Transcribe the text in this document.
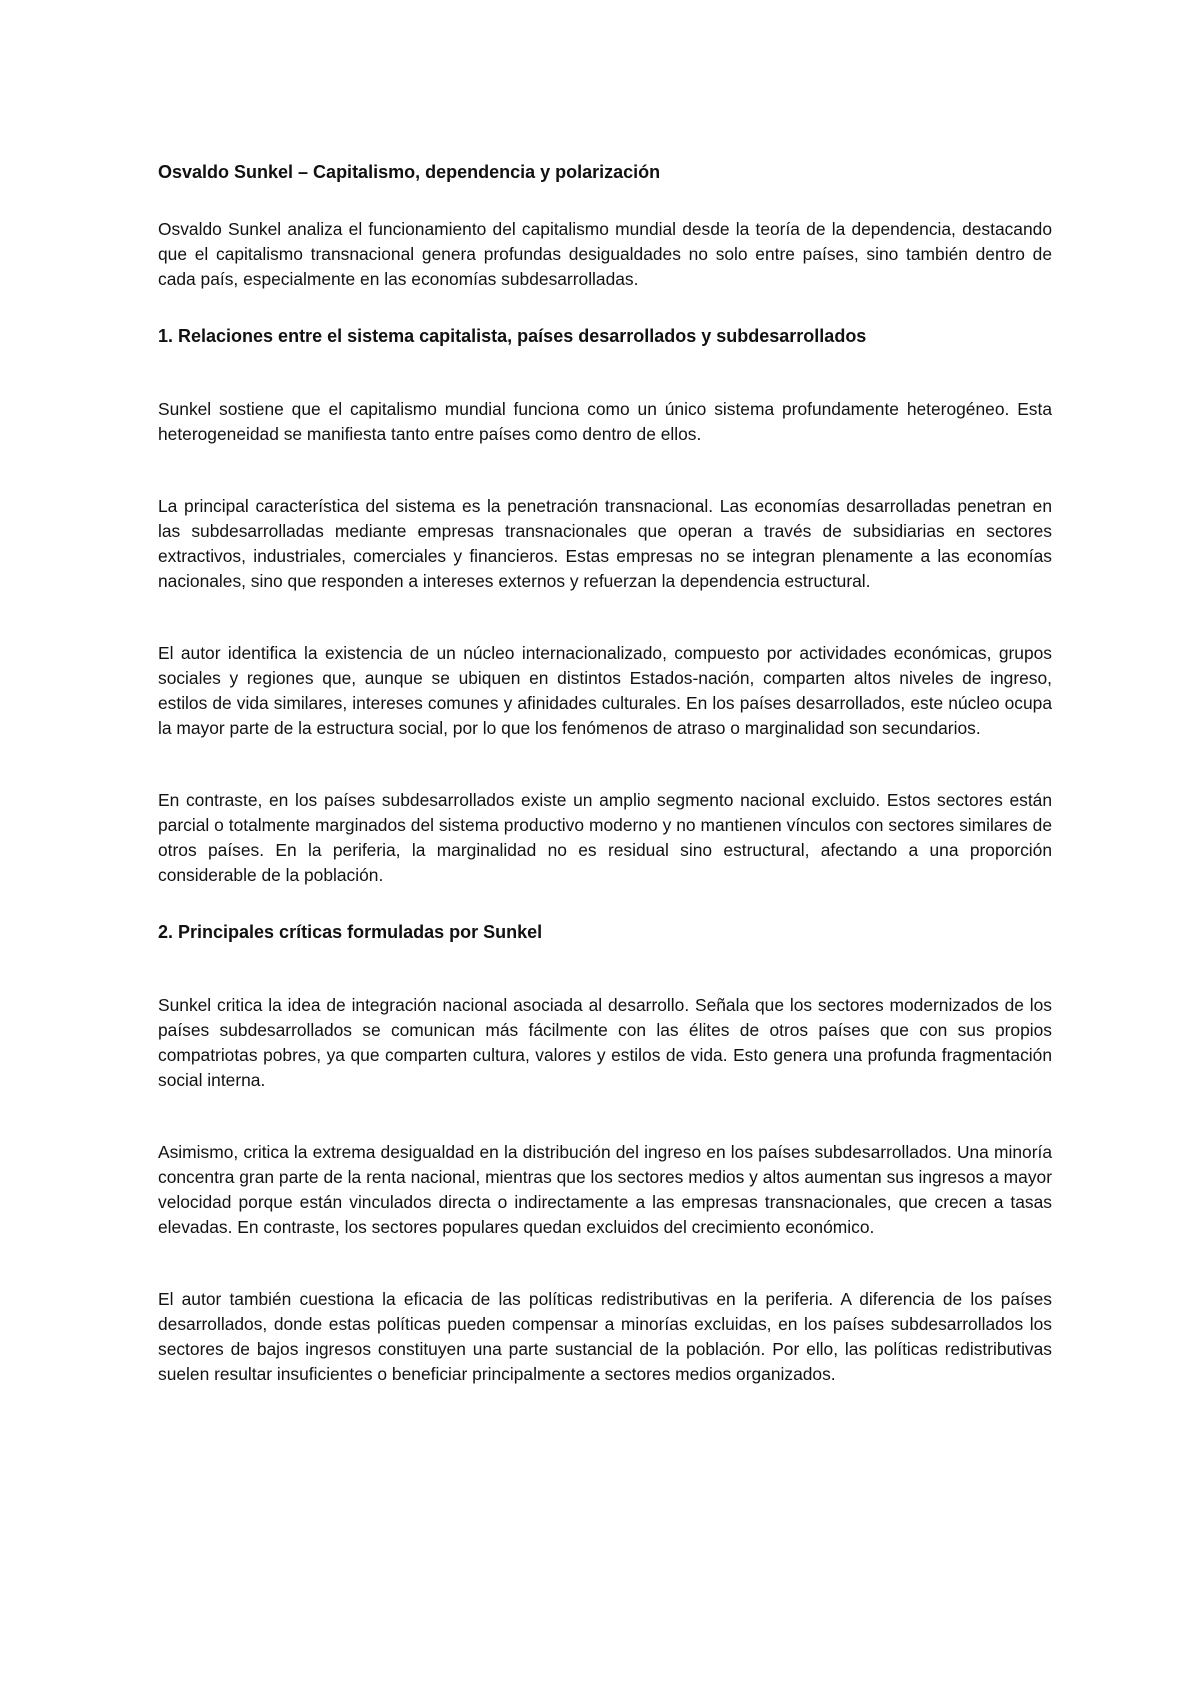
Osvaldo Sunkel – Capitalismo, dependencia y polarización

Osvaldo Sunkel analiza el funcionamiento del capitalismo mundial desde la teoría de la dependencia, destacando que el capitalismo transnacional genera profundas desigualdades no solo entre países, sino también dentro de cada país, especialmente en las economías subdesarrolladas.

1. Relaciones entre el sistema capitalista, países desarrollados y subdesarrollados

Sunkel sostiene que el capitalismo mundial funciona como un único sistema profundamente heterogéneo. Esta heterogeneidad se manifiesta tanto entre países como dentro de ellos.

La principal característica del sistema es la penetración transnacional. Las economías desarrolladas penetran en las subdesarrolladas mediante empresas transnacionales que operan a través de subsidiarias en sectores extractivos, industriales, comerciales y financieros. Estas empresas no se integran plenamente a las economías nacionales, sino que responden a intereses externos y refuerzan la dependencia estructural.

El autor identifica la existencia de un núcleo internacionalizado, compuesto por actividades económicas, grupos sociales y regiones que, aunque se ubiquen en distintos Estados-nación, comparten altos niveles de ingreso, estilos de vida similares, intereses comunes y afinidades culturales. En los países desarrollados, este núcleo ocupa la mayor parte de la estructura social, por lo que los fenómenos de atraso o marginalidad son secundarios.

En contraste, en los países subdesarrollados existe un amplio segmento nacional excluido. Estos sectores están parcial o totalmente marginados del sistema productivo moderno y no mantienen vínculos con sectores similares de otros países. En la periferia, la marginalidad no es residual sino estructural, afectando a una proporción considerable de la población.

2. Principales críticas formuladas por Sunkel

Sunkel critica la idea de integración nacional asociada al desarrollo. Señala que los sectores modernizados de los países subdesarrollados se comunican más fácilmente con las élites de otros países que con sus propios compatriotas pobres, ya que comparten cultura, valores y estilos de vida. Esto genera una profunda fragmentación social interna.

Asimismo, critica la extrema desigualdad en la distribución del ingreso en los países subdesarrollados. Una minoría concentra gran parte de la renta nacional, mientras que los sectores medios y altos aumentan sus ingresos a mayor velocidad porque están vinculados directa o indirectamente a las empresas transnacionales, que crecen a tasas elevadas. En contraste, los sectores populares quedan excluidos del crecimiento económico.

El autor también cuestiona la eficacia de las políticas redistributivas en la periferia. A diferencia de los países desarrollados, donde estas políticas pueden compensar a minorías excluidas, en los países subdesarrollados los sectores de bajos ingresos constituyen una parte sustancial de la población. Por ello, las políticas redistributivas suelen resultar insuficientes o beneficiar principalmente a sectores medios organizados.
